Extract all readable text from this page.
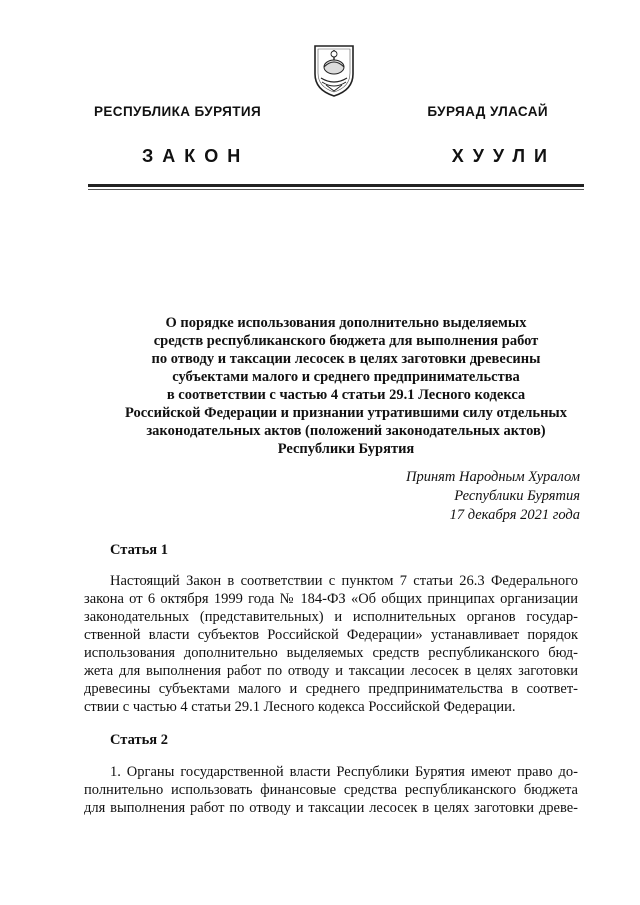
РЕСПУБЛИКА БУРЯТИЯ	БУРЯАД УЛАСАЙ
ЗАКОН	ХУУЛИ
О порядке использования дополнительно выделяемых
средств республиканского бюджета для выполнения работ
по отводу и таксации лесосек в целях заготовки древесины
субъектами малого и среднего предпринимательства
в соответствии с частью 4 статьи 29.1 Лесного кодекса
Российской Федерации и признании утратившими силу отдельных
законодательных актов (положений законодательных актов)
Республики Бурятия
Принят Народным Хуралом
Республики Бурятия
17 декабря 2021 года
Статья 1
Настоящий Закон в соответствии с пунктом 7 статьи 26.3 Федерального
закона от 6 октября 1999 года № 184-ФЗ «Об общих принципах организации
законодательных (представительных) и исполнительных органов государ-
ственной власти субъектов Российской Федерации» устанавливает порядок
использования дополнительно выделяемых средств республиканского бюд-
жета для выполнения работ по отводу и таксации лесосек в целях заготовки
древесины субъектами малого и среднего предпринимательства в соответ-
ствии с частью 4 статьи 29.1 Лесного кодекса Российской Федерации.
Статья 2
1. Органы государственной власти Республики Бурятия имеют право до-
полнительно использовать финансовые средства республиканского бюджета
для выполнения работ по отводу и таксации лесосек в целях заготовки древе-
